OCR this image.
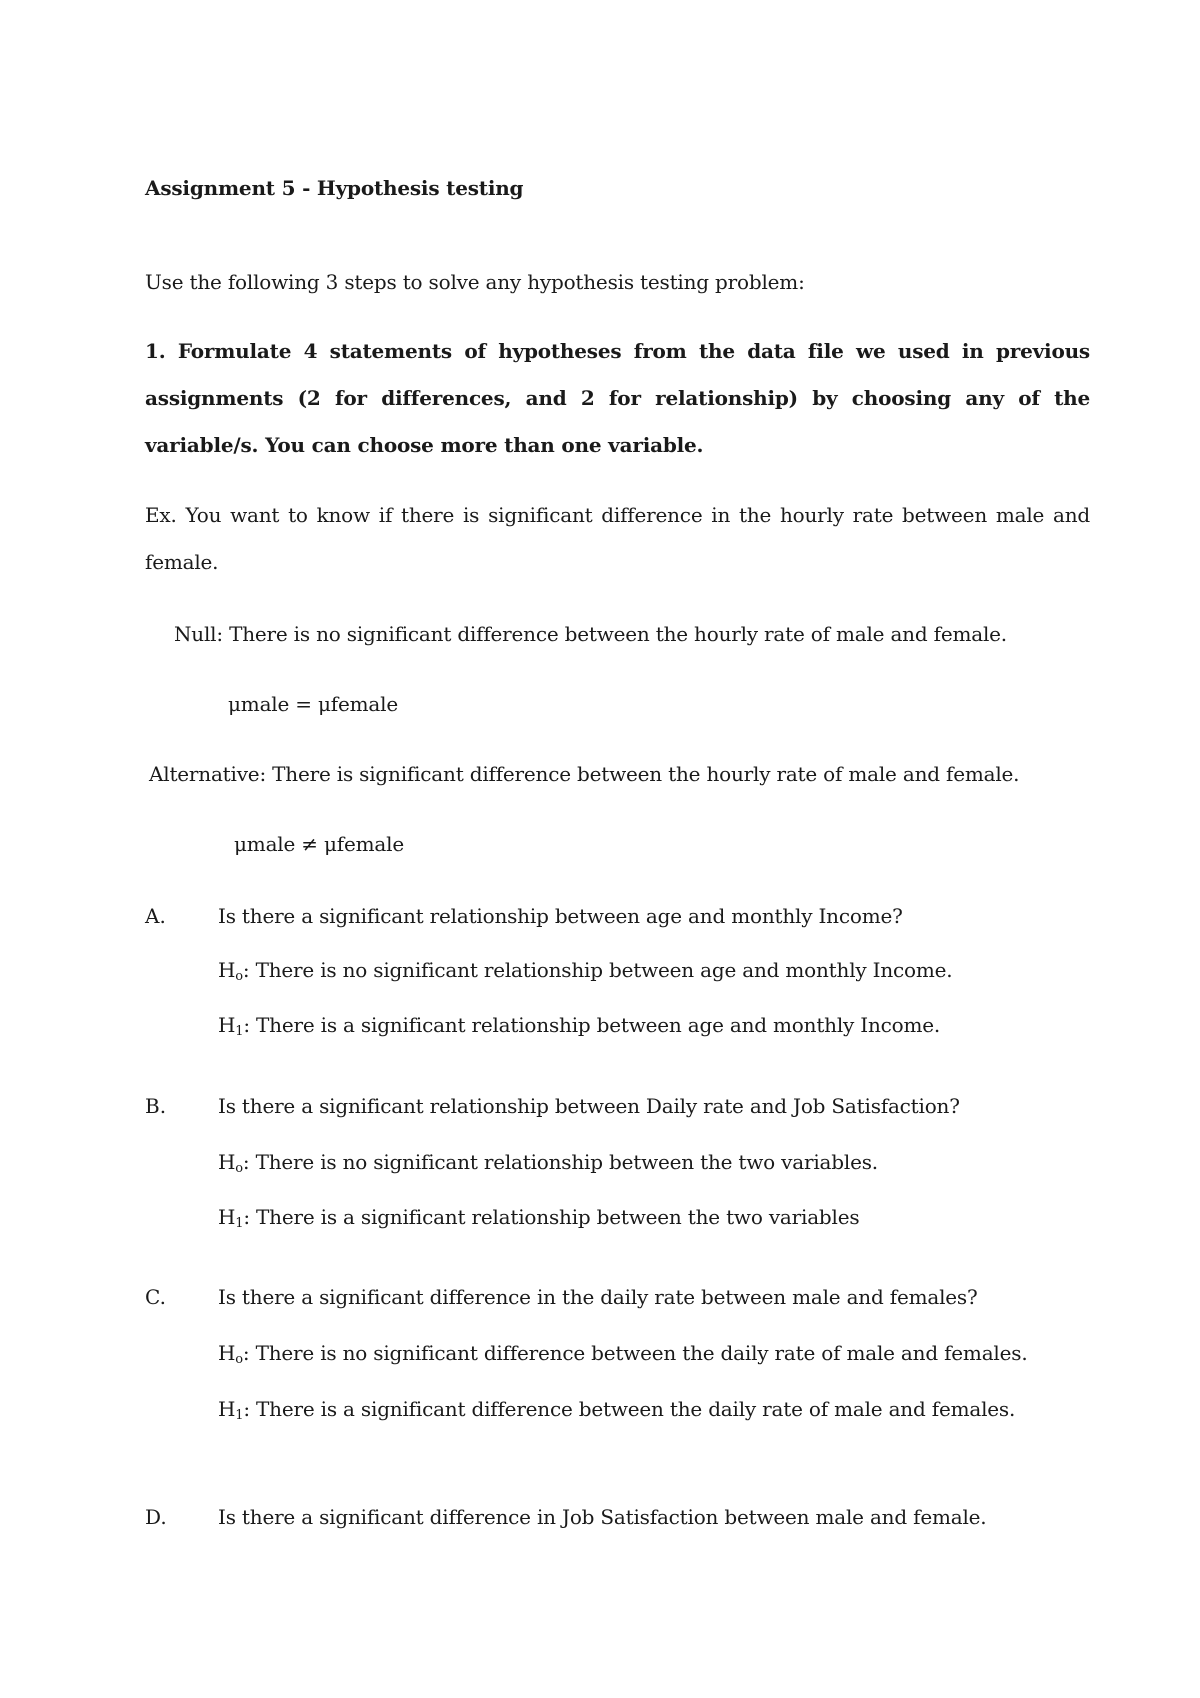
Assignment 5 - Hypothesis testing
Use the following 3 steps to solve any hypothesis testing problem:
1. Formulate 4 statements of hypotheses from the data file we used in previous assignments (2 for differences, and 2 for relationship) by choosing any of the variable/s. You can choose more than one variable.
Ex. You want to know if there is significant difference in the hourly rate between male and female.
Null: There is no significant difference between the hourly rate of male and female.
μmale = μfemale
Alternative: There is significant difference between the hourly rate of male and female.
μmale ≠ μfemale
A.	Is there a significant relationship between age and monthly Income?
$H_o$: There is no significant relationship between age and monthly Income.
$H_1$: There is a significant relationship between age and monthly Income.
B.	Is there a significant relationship between Daily rate and Job Satisfaction?
$H_o$: There is no significant relationship between the two variables.
$H_1$: There is a significant relationship between the two variables
C.	Is there a significant difference in the daily rate between male and females?
$H_o$: There is no significant difference between the daily rate of male and females.
$H_1$: There is a significant difference between the daily rate of male and females.
D.	Is there a significant difference in Job Satisfaction between male and female.
